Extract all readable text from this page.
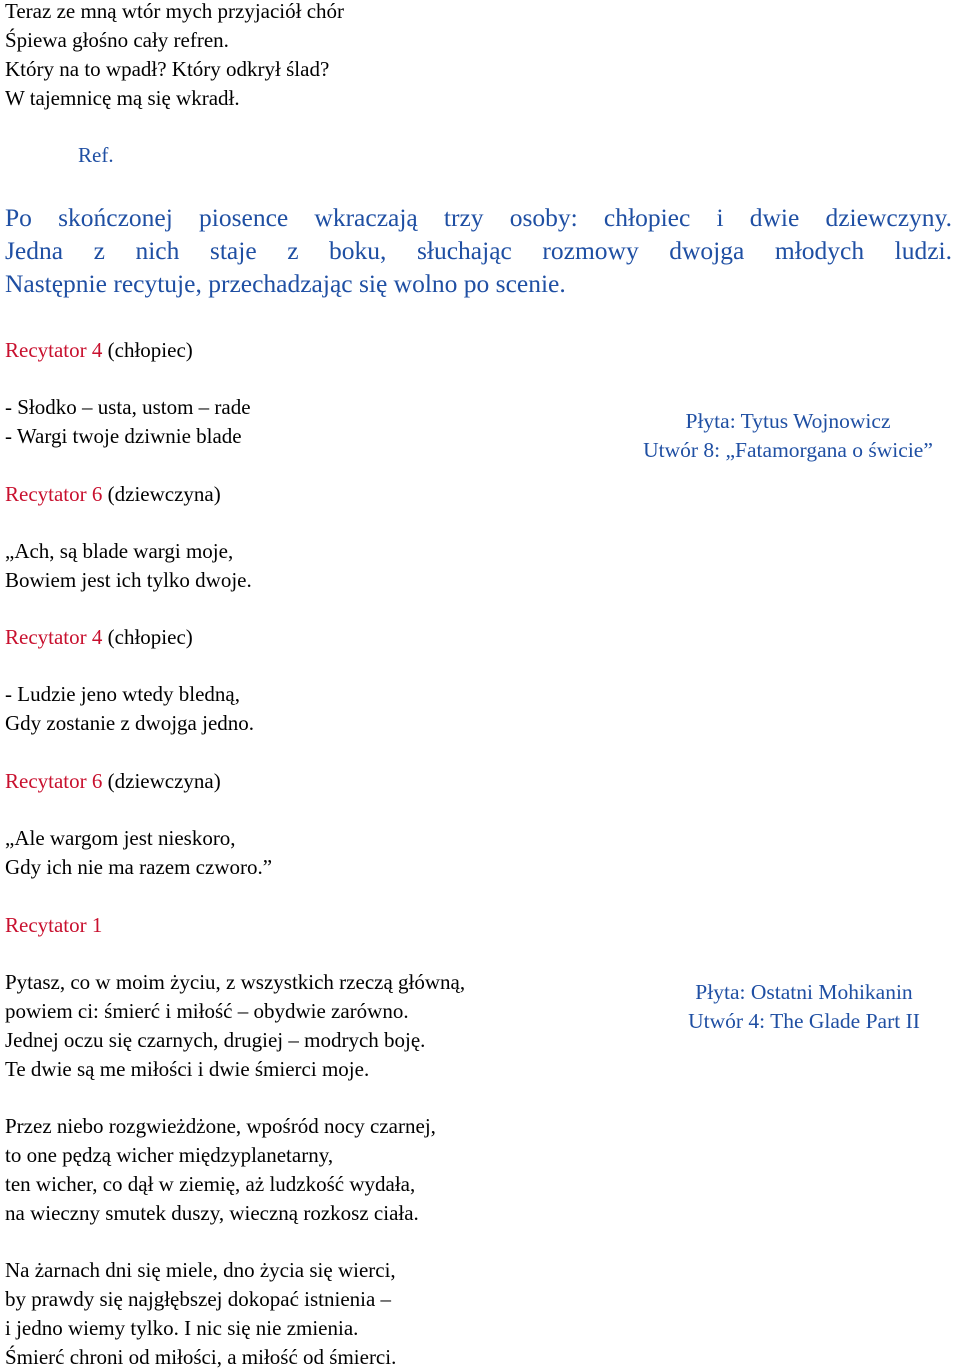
Teraz ze mną wtór mych przyjaciół chór
Śpiewa głośno cały refren.
Który na to wpadł? Który odkrył ślad?
W tajemnicę mą się wkradł.
Ref.
Po skończonej piosence wkraczają trzy osoby: chłopiec i dwie dziewczyny.
Jedna z nich staje z boku, słuchając rozmowy dwojga młodych ludzi.
Następnie recytuje, przechadzając się wolno po scenie.
Recytator 4 (chłopiec)
- Słodko – usta, ustom – rade
- Wargi twoje dziwnie blade
Płyta: Tytus Wojnowicz
Utwór 8: „Fatamorgana o świcie”
Recytator 6 (dziewczyna)
„Ach, są blade wargi moje,
Bowiem jest ich tylko dwoje.
Recytator 4 (chłopiec)
- Ludzie jeno wtedy bledną,
Gdy zostanie z dwojga jedno.
Recytator 6 (dziewczyna)
„Ale wargom jest nieskoro,
Gdy ich nie ma razem czworo.”
Recytator 1
Pytasz, co w moim życiu, z wszystkich rzeczą główną,
powiem ci: śmierć i miłość – obydwie zarówno.
Jednej oczu się czarnych, drugiej – modrych boję.
Te dwie są me miłości i dwie śmierci moje.
Płyta: Ostatni Mohikanin
Utwór 4: The Glade Part II
Przez niebo rozgwieżdżone, wpośród nocy czarnej,
to one pędzą wicher międzyplanetarny,
ten wicher, co dął w ziemię, aż ludzkość wydała,
na wieczny smutek duszy, wieczną rozkosz ciała.
Na żarnach dni się miele, dno życia się wierci,
by prawdy się najgłębszej dokopać istnienia –
i jedno wiemy tylko. I nic się nie zmienia.
Śmierć chroni od miłości, a miłość od śmierci.
